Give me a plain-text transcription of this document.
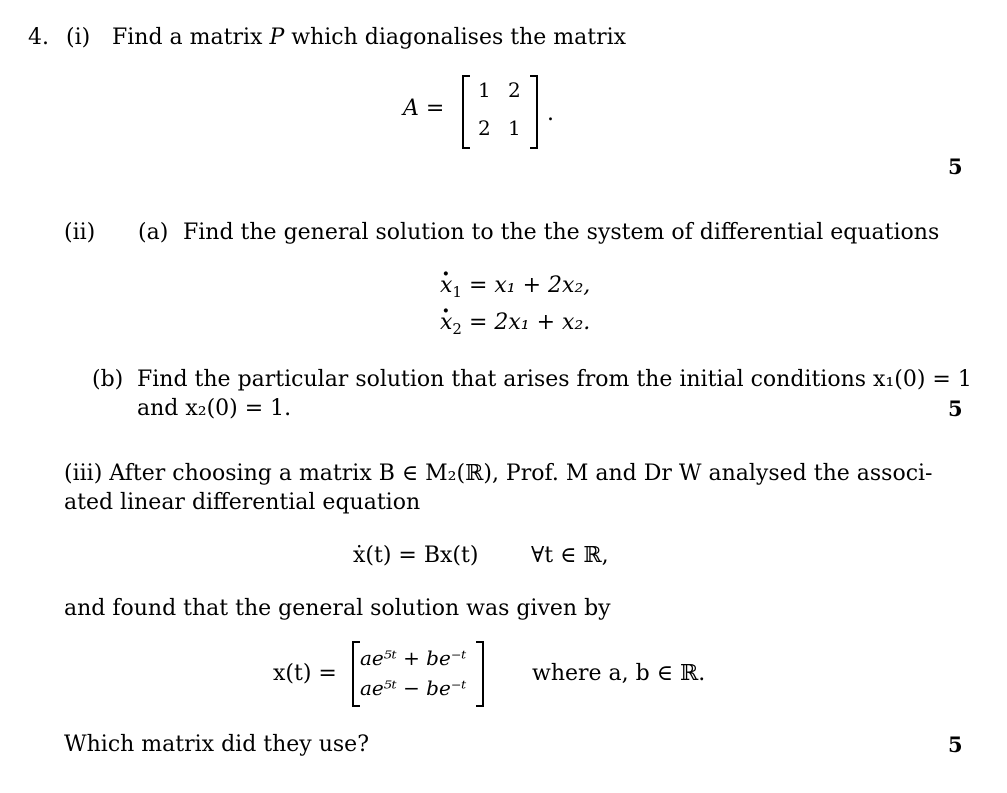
4. (i) Find a matrix P which diagonalises the matrix
A =
1 2
2 1
.
5
(ii) (a) Find the general solution to the the system of differential equations
· $x_1 = x_1 + 2x_2$,
· $x_2 = 2x_1 + x_2$.
(b) Find the particular solution that arises from the initial conditions x₁(0) = 1
and x₂(0) = 1.	5
(iii) After choosing a matrix B ∈ M₂(ℝ), Prof. M and Dr W analysed the associ-
ated linear differential equation
ẋ(t) = Bx(t) ∀t ∈ ℝ,
and found that the general solution was given by
x(t) =
ae⁵ᵗ + be⁻ᵗ
ae⁵ᵗ − be⁻ᵗ
where a, b ∈ ℝ.
Which matrix did they use?	5
